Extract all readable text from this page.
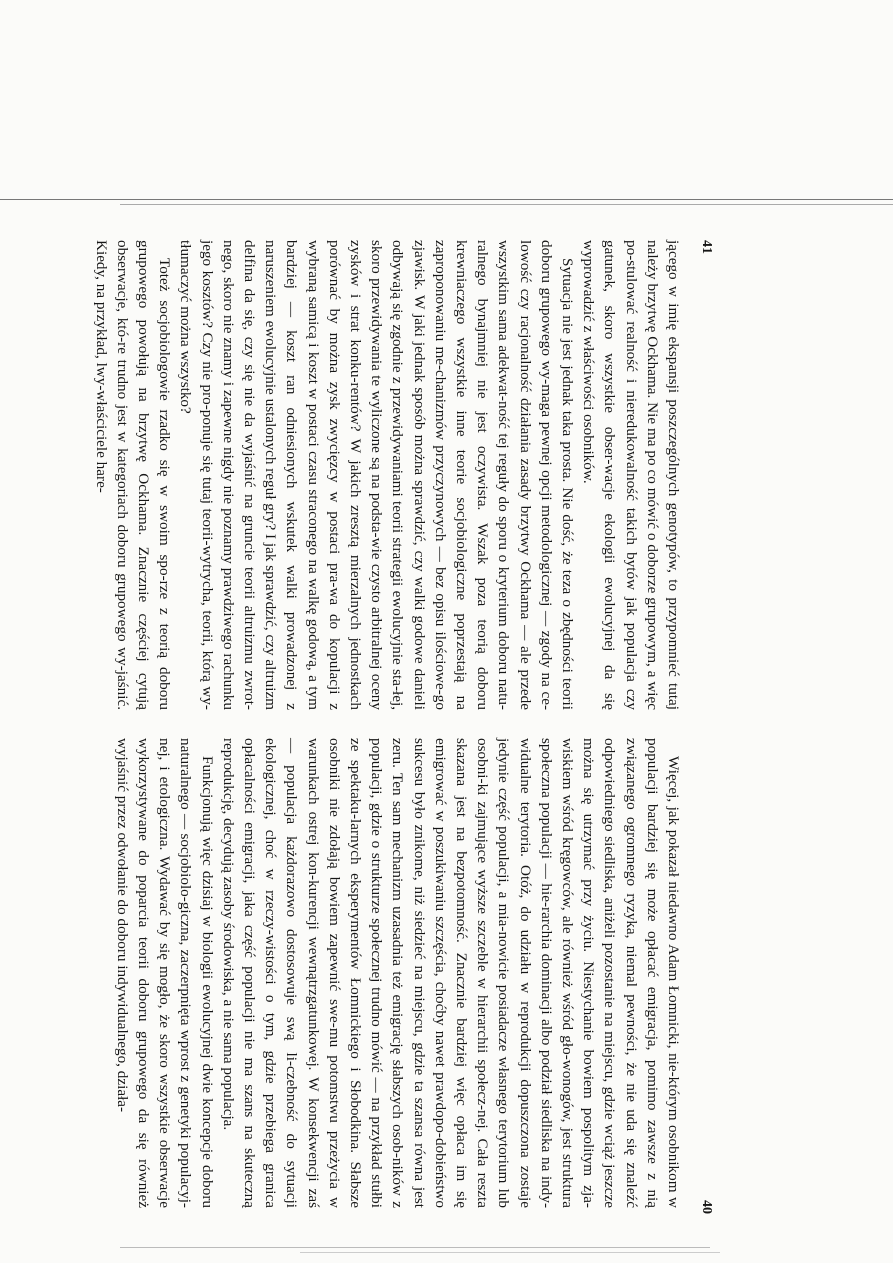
41
40

jącego w imię ekspansji poszczególnych genotypów, to przypomnieć tutaj należy brzytwę Ockhama. Nie ma po co mówić o doborze grupowym, a więc po-stulować realność i nieredukowalność takich bytów jak populacja czy gatunek, skoro wszystkie obser-wacje ekologii ewolucyjnej da się wyprowadzić z właściwości osobników.

Sytuacja nie jest jednak taka prosta. Nie dość, że teza o zbędności teorii doboru grupowego wy-maga pewnej opcji metodologicznej — zgody na ce-lowość czy racjonalność działania zasady brzytwy Ockhama — ale przede wszystkim sama adekwat-ność tej reguły do sporu o kryterium doboru natu-ralnego bynajmniej nie jest oczywista. Wszak poza teorią doboru krewniaczego wszystkie inne teorie socjobiologiczne poprzestają na zaproponowaniu me-chanizmów przyczynowych — bez opisu ilościowe-go zjawisk. W jaki jednak sposób można sprawdzić, czy walki godowe danieli odbywają się zgodnie z przewidywaniami teorii strategii ewolucyjnie sta-łej, skoro przewidywania te wyliczone są na podsta-wie czysto arbitralnej oceny zysków i strat konku-rentów? W jakich zresztą mierzalnych jednostkach porównać by można zysk zwycięzcy w postaci pra-wa do kopulacji z wybraną samicą i koszt w postaci czasu straconego na walkę godową, a tym bardziej — koszt ran odniesionych wskutek walki prowadzonej z naruszeniem ewolucyjnie ustalonych reguł gry? I jak sprawdzić, czy altruizm delfina da się, czy się nie da wyjaśnić na gruncie teorii altruizmu zwrot-nego, skoro nie znamy i zapewne nigdy nie poznamy prawdziwego rachunku jego kosztów? Czy nie pro-ponuje się tutaj teorii-wytrycha, teorii, którą wy-tłumaczyć można wszystko?

Toteż socjobiologowie rzadko się w swoim spo-rze z teorią doboru grupowego powołują na brzytwę Ockhama. Znacznie częściej cytują obserwacje, któ-re trudno jest w kategoriach doboru grupowego wy-jaśnić. Kiedy, na przykład, lwy-właściciele hare-

Więcej, jak pokazał niedawno Adam Łomnicki, nie-którym osobnikom w populacji bardziej się może opłacać emigracja, pomimo zawsze z nią związanego ogromnego ryzyka, niemal pewności, że nie uda się znaleźć odpowiedniego siedliska, aniżeli pozostanie na miejscu, gdzie wciąż jeszcze można się utrzymać przy życiu. Niestychanie bowiem pospolitym zja-wiskiem wśród kręgowców, ale również wśród gło-wonogów, jest struktura społeczna populacji — hie-rarchia dominacji albo podział siedliska na indy-widualne terytoria. Otóż, do udziału w reprodukcji dopuszczona zostaje jedynie część populacji, a mia-nowicie posiadacze własnego terytorium lub osobni-ki zajmujące wyższe szczeble w hierarchii społecz-nej. Cała reszta skazana jest na bezpotomność. Znacznie bardziej więc opłaca im się emigrować w poszukiwaniu szczęścia, choćby nawet prawdopo-dobieństwo sukcesu było znikome, niż siedzieć na miejscu, gdzie ta szansa równa jest zeru. Ten sam mechanizm uzasadnia też emigrację słabszych osob-ników z populacji, gdzie o strukturze społecznej trudno mówić — na przykład stułbi ze spektaku-larnych eksperymentów Łomnickiego i Słobodkina. Słabsze osobniki nie zdołają bowiem zapewnić swe-mu potomstwu przeżycia w warunkach ostrej kon-kurencji wewnątrzgatunkowej. W konsekwencji zaś — populacja każdorazowo dostosowuje swą li-czebność do sytuacji ekologicznej, choć w rzeczy-wistości o tym, gdzie przebiega granica opłacalności emigracji, jaka część populacji nie ma szans na skuteczną reprodukcję, decydują zasoby środowiska, a nie sama populacja.

Funkcjonują więc dzisiaj w biologii ewolucyjnej dwie koncepcje doboru naturalnego — socjobiolo-giczna, zaczerpnięta wprost z genetyki populacyj-nej, i etologiczna. Wydawać by się mogło, że skoro wszystkie obserwacje wykorzystywane do poparcia teorii doboru grupowego da się również wyjaśnić przez odwołanie do doboru indywidualnego, działa-
